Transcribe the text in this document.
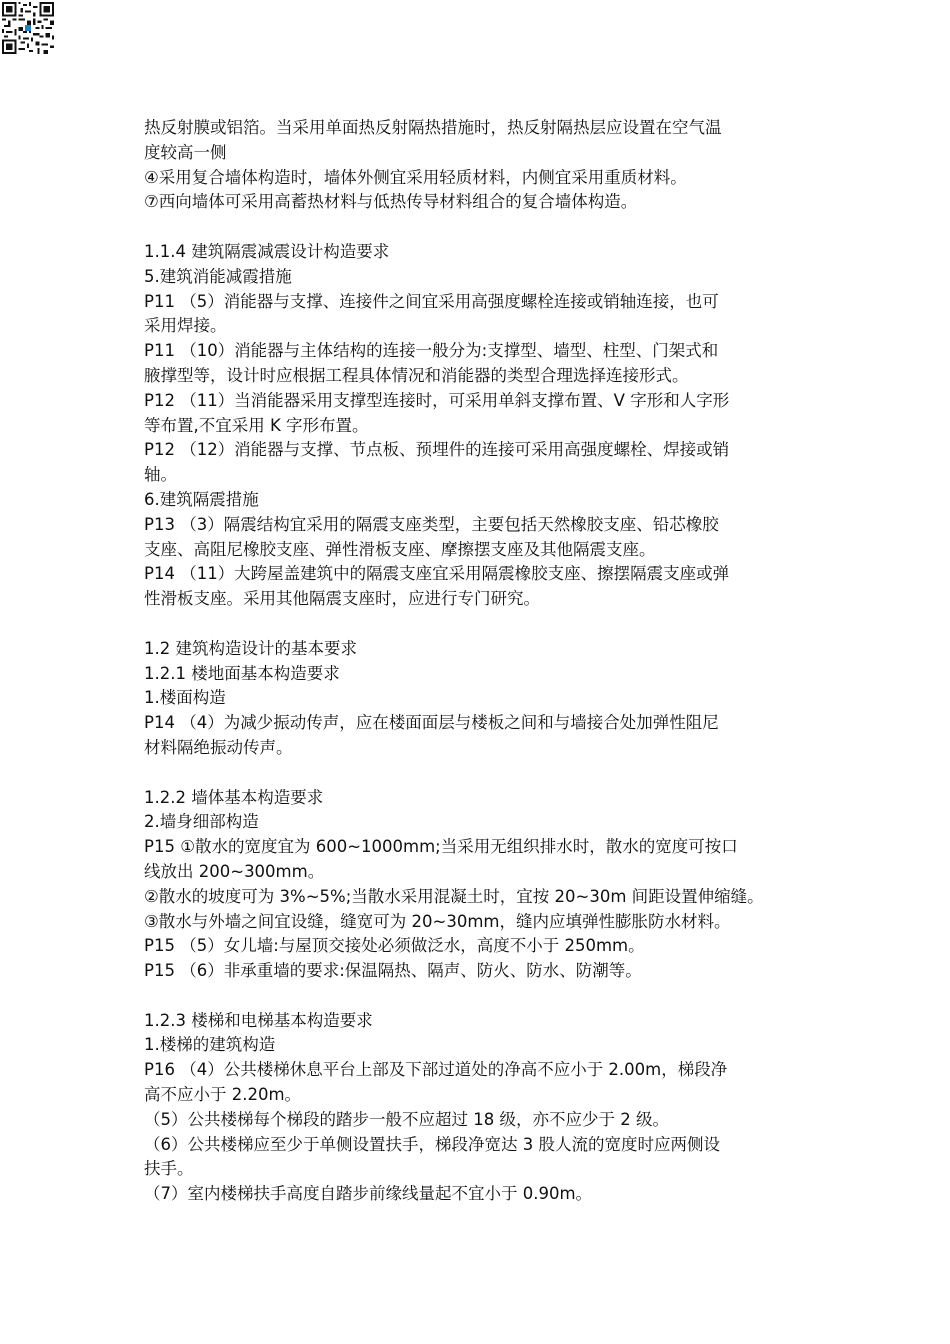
热反射膜或铝箔。当采用单面热反射隔热措施时，热反射隔热层应设置在空气温
度较高一侧
④采用复合墙体构造时，墙体外侧宜采用轻质材料，内侧宜采用重质材料。
⑦西向墙体可采用高蓄热材料与低热传导材料组合的复合墙体构造。
1.1.4 建筑隔震减震设计构造要求
5.建筑消能减霞措施
P11 （5）消能器与支撑、连接件之间宜采用高强度螺栓连接或销轴连接，也可
采用焊接。
P11 （10）消能器与主体结构的连接一般分为:支撑型、墙型、柱型、门架式和
腋撑型等，设计时应根据工程具体情况和消能器的类型合理选择连接形式。
P12 （11）当消能器采用支撑型连接时，可采用单斜支撑布置、V 字形和人字形
等布置,不宜采用 K 字形布置。
P12 （12）消能器与支撑、节点板、预埋件的连接可采用高强度螺栓、焊接或销
轴。
6.建筑隔震措施
P13 （3）隔震结构宜采用的隔震支座类型，主要包括天然橡胶支座、铅芯橡胶
支座、高阻尼橡胶支座、弹性滑板支座、摩擦摆支座及其他隔震支座。
P14 （11）大跨屋盖建筑中的隔震支座宜采用隔震橡胶支座、擦摆隔震支座或弹
性滑板支座。采用其他隔震支座时，应进行专门研究。
1.2 建筑构造设计的基本要求
1.2.1 楼地面基本构造要求
1.楼面构造
P14 （4）为减少振动传声，应在楼面面层与楼板之间和与墙接合处加弹性阻尼
材料隔绝振动传声。
1.2.2 墙体基本构造要求
2.墙身细部构造
P15 ①散水的宽度宜为 600~1000mm;当采用无组织排水时，散水的宽度可按口
线放出 200~300mm。
②散水的坡度可为 3%~5%;当散水采用混凝土时，宜按 20~30m 间距设置伸缩缝。
③散水与外墙之间宜设缝，缝宽可为 20~30mm，缝内应填弹性膨胀防水材料。
P15 （5）女儿墙:与屋顶交接处必须做泛水，高度不小于 250mm。
P15 （6）非承重墙的要求:保温隔热、隔声、防火、防水、防潮等。
1.2.3 楼梯和电梯基本构造要求
1.楼梯的建筑构造
P16 （4）公共楼梯休息平台上部及下部过道处的净高不应小于 2.00m，梯段净
高不应小于 2.20m。
（5）公共楼梯每个梯段的踏步一般不应超过 18 级，亦不应少于 2 级。
（6）公共楼梯应至少于单侧设置扶手，梯段净宽达 3 股人流的宽度时应两侧设
扶手。
（7）室内楼梯扶手高度自踏步前缘线量起不宜小于 0.90m。
